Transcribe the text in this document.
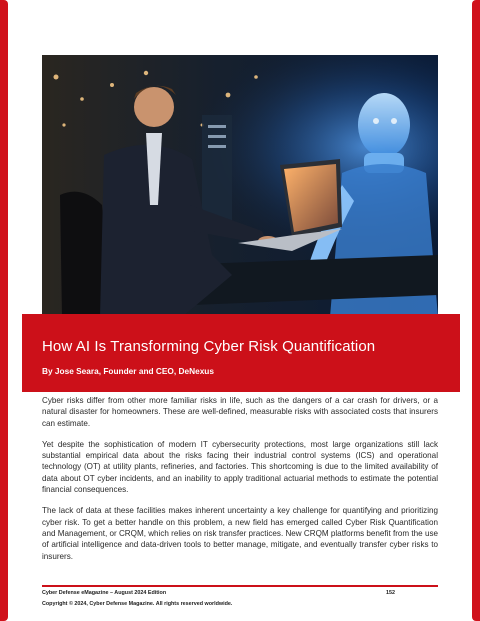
How AI Is Transforming Cyber Risk Quantification
By Jose Seara, Founder and CEO, DeNexus

Cyber risks differ from other more familiar risks in life, such as the dangers of a car crash for drivers, or a natural disaster for homeowners. These are well-defined, measurable risks with associated costs that insurers can estimate.

Yet despite the sophistication of modern IT cybersecurity protections, most large organizations still lack substantial empirical data about the risks facing their industrial control systems (ICS) and operational technology (OT) at utility plants, refineries, and factories. This shortcoming is due to the limited availability of data about OT cyber incidents, and an inability to apply traditional actuarial methods to estimate the potential financial consequences.

The lack of data at these facilities makes inherent uncertainty a key challenge for quantifying and prioritizing cyber risk. To get a better handle on this problem, a new field has emerged called Cyber Risk Quantification and Management, or CRQM, which relies on risk transfer practices. New CRQM platforms benefit from the use of artificial intelligence and data-driven tools to better manage, mitigate, and eventually transfer cyber risks to insurers.

Cyber Defense eMagazine – August 2024 Edition	152
Copyright © 2024, Cyber Defense Magazine. All rights reserved worldwide.
